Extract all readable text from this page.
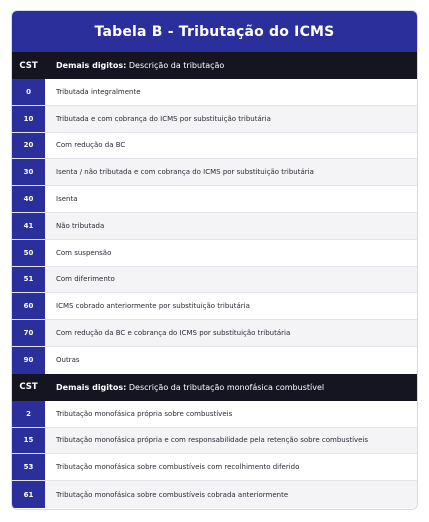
Tabela B - Tributação do ICMS
CST	Demais digitos: Descrição da tributação
0	Tributada integralmente
10	Tributada e com cobrança do ICMS por substituição tributária
20	Com redução da BC
30	Isenta / não tributada e com cobrança do ICMS por substituição tributária
40	Isenta
41	Não tributada
50	Com suspensão
51	Com diferimento
60	ICMS cobrado anteriormente por substituição tributária
70	Com redução da BC e cobrança do ICMS por substituição tributária
90	Outras
CST	Demais digitos: Descrição da tributação monofásica combustível
2	Tributação monofásica própria sobre combustíveis
15	Tributação monofásica própria e com responsabilidade pela retenção sobre combustíveis
53	Tributação monofásica sobre combustíveis com recolhimento diferido
61	Tributação monofásica sobre combustíveis cobrada anteriormente
